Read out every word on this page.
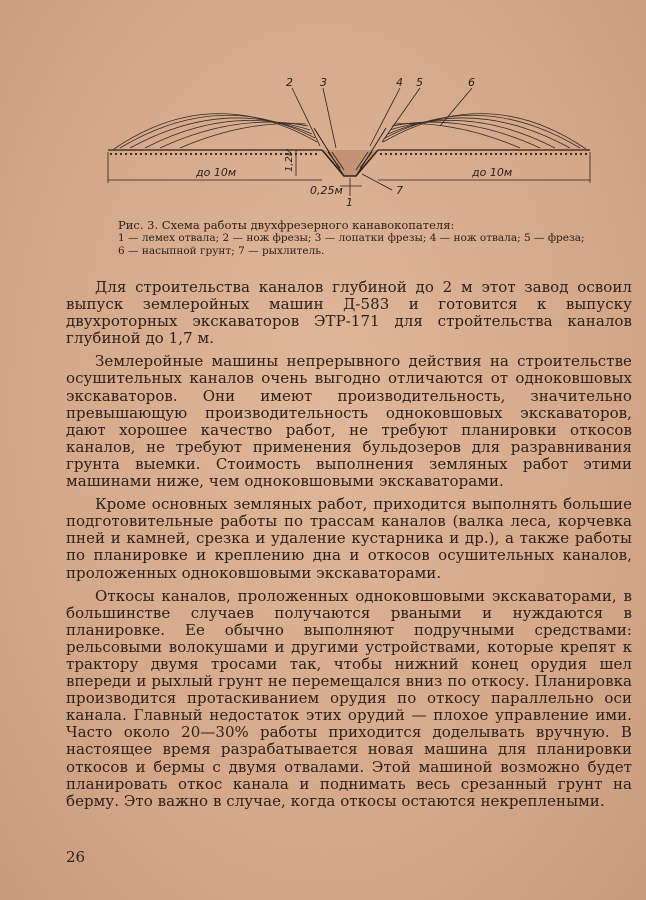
2 3	4 5	6
1
7
до 10м	до 10м
1,2м
0,25м
Рис. 3. Схема работы двухфрезерного канавокопателя:
1 — лемех отвала; 2 — нож фрезы; 3 — лопатки фрезы; 4 — нож отвала; 5 — фреза; 6 — насыпной грунт; 7 — рыхлитель.

Для строительства каналов глубиной до 2 м этот завод освоил выпуск землеройных машин Д-583 и готовится к выпуску двухроторных экскаваторов ЭТР-171 для стройтельства каналов глубиной до 1,7 м.

Землеройные машины непрерывного действия на строительстве осушительных каналов очень выгодно отличаются от одноковшовых экскаваторов. Они имеют производительность, значительно превышающую производительность одноковшовых экскаваторов, дают хорошее качество работ, не требуют планировки откосов каналов, не требуют применения бульдозеров для разравнивания грунта выемки. Стоимость выполнения земляных работ этими машинами ниже, чем одноковшовыми экскаваторами.

Кроме основных земляных работ, приходится выполнять большие подготовительные работы по трассам каналов (валка леса, корчевка пней и камней, срезка и удаление кустарника и др.), а также работы по планировке и креплению дна и откосов осушительных каналов, проложенных одноковшовыми экскаваторами.

Откосы каналов, проложенных одноковшовыми экскаваторами, в большинстве случаев получаются рваными и нуждаются в планировке. Ее обычно выполняют подручными средствами: рельсовыми волокушами и другими устройствами, которые крепят к трактору двумя тросами так, чтобы нижний конец орудия шел впереди и рыхлый грунт не перемещался вниз по откосу. Планировка производится протаскиванием орудия по откосу параллельно оси канала. Главный недостаток этих орудий — плохое управление ими. Часто около 20—30% работы приходится доделывать вручную. В настоящее время разрабатывается новая машина для планировки откосов и бермы с двумя отвалами. Этой машиной возможно будет планировать откос канала и поднимать весь срезанный грунт на берму. Это важно в случае, когда откосы остаются некреплеными.

26
